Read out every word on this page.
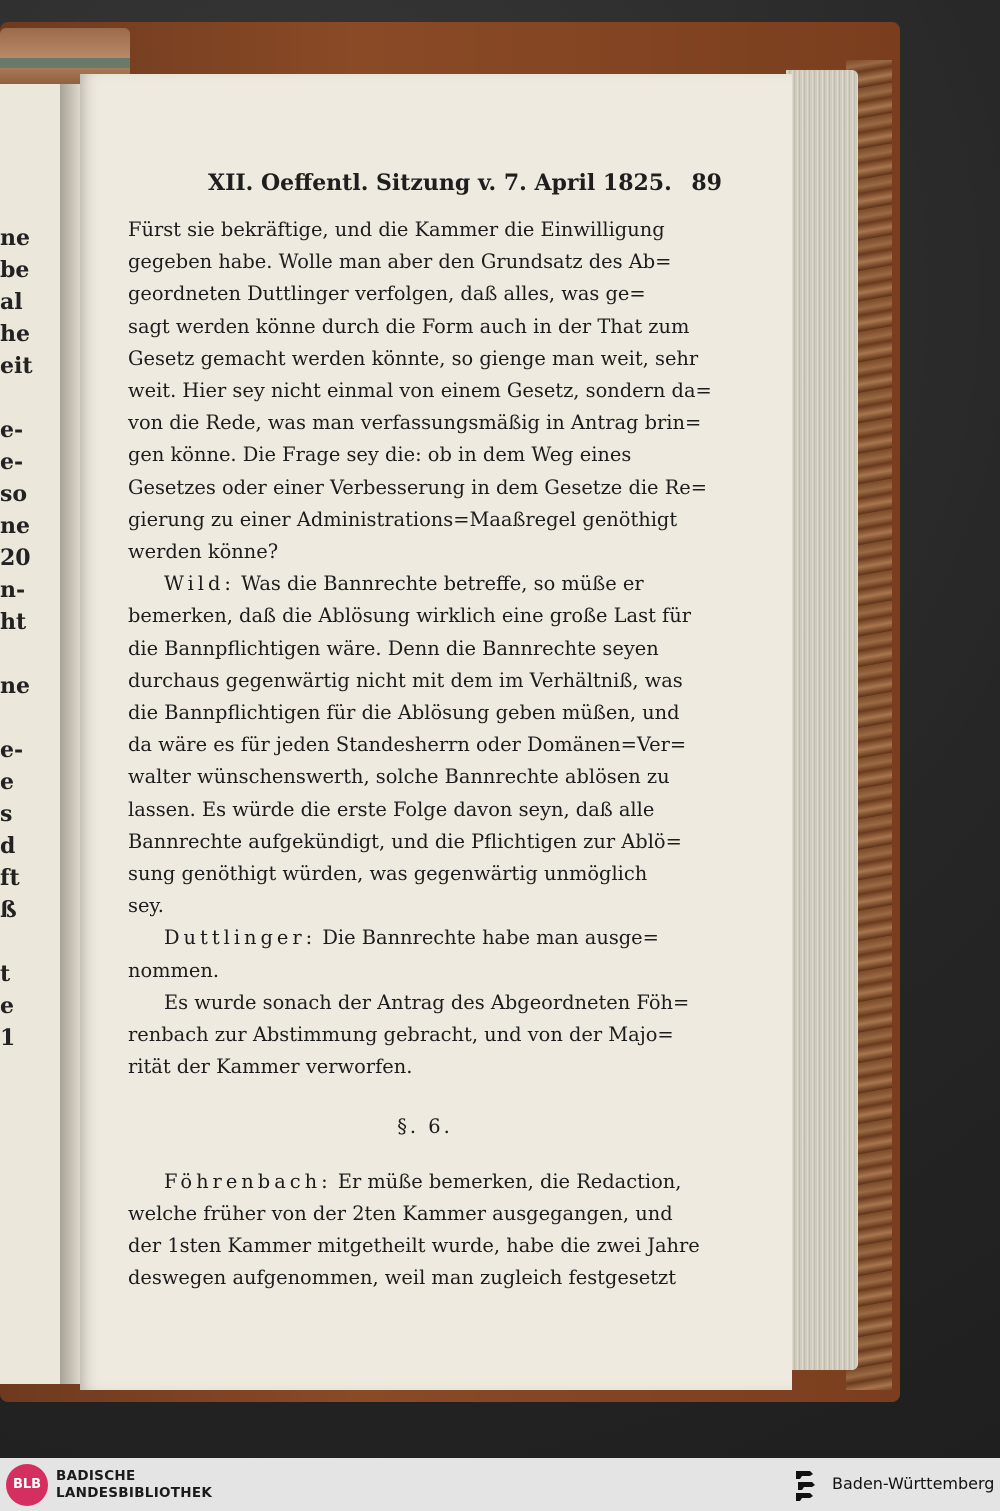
ne
be
al
he
eit
e-
e-
so
ne
20
n-
ht
ne
e-
e
s
d
ft
ß
t
e
1
XII. Oeffentl. Sitzung v. 7. April 1825. 89

Fürst sie bekräftige, und die Kammer die Einwilligung

gegeben habe. Wolle man aber den Grundsatz des Ab=

geordneten Duttlinger verfolgen, daß alles, was ge=

sagt werden könne durch die Form auch in der That zum

Gesetz gemacht werden könnte, so gienge man weit, sehr

weit. Hier sey nicht einmal von einem Gesetz, sondern da=

von die Rede, was man verfassungsmäßig in Antrag brin=

gen könne. Die Frage sey die: ob in dem Weg eines

Gesetzes oder einer Verbesserung in dem Gesetze die Re=

gierung zu einer Administrations=Maaßregel genöthigt

werden könne?

Wild: Was die Bannrechte betreffe, so müße er

bemerken, daß die Ablösung wirklich eine große Last für

die Bannpflichtigen wäre. Denn die Bannrechte seyen

durchaus gegenwärtig nicht mit dem im Verhältniß, was

die Bannpflichtigen für die Ablösung geben müßen, und

da wäre es für jeden Standesherrn oder Domänen=Ver=

walter wünschenswerth, solche Bannrechte ablösen zu

lassen. Es würde die erste Folge davon seyn, daß alle

Bannrechte aufgekündigt, und die Pflichtigen zur Ablö=

sung genöthigt würden, was gegenwärtig unmöglich

sey.

Duttlinger: Die Bannrechte habe man ausge=

nommen.

Es wurde sonach der Antrag des Abgeordneten Föh=

renbach zur Abstimmung gebracht, und von der Majo=

rität der Kammer verworfen.

§. 6.

Föhrenbach: Er müße bemerken, die Redaction,

welche früher von der 2ten Kammer ausgegangen, und

der 1sten Kammer mitgetheilt wurde, habe die zwei Jahre

deswegen aufgenommen, weil man zugleich festgesetzt

BLB
BADISCHE
LANDESBIBLIOTHEK	Baden-Württemberg
